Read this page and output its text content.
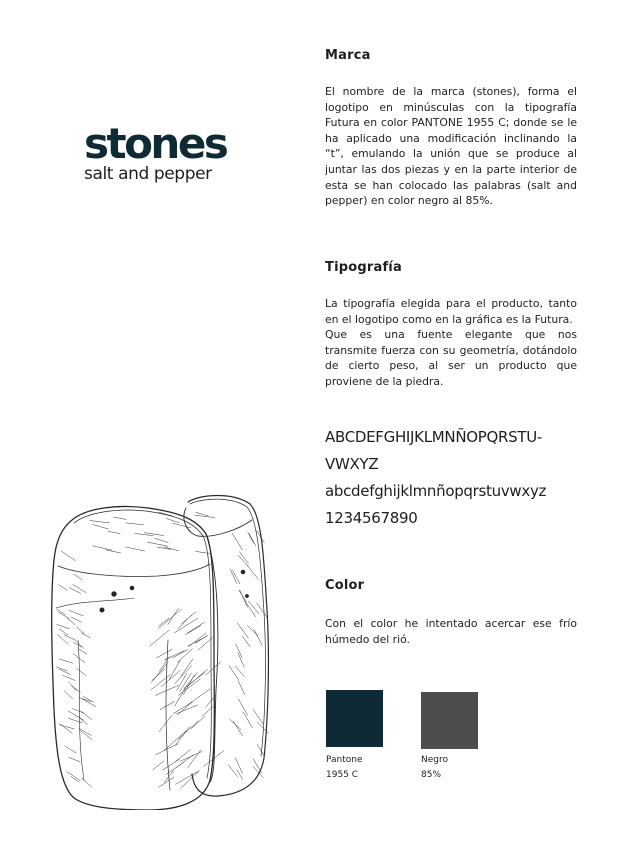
stones
salt and pepper
Marca

El nombre de la marca (stones), forma el logotipo en minúsculas con la tipografía Futura en color PANTONE 1955 C; donde se le ha aplicado una modificación inclinando la “t”, emulando la unión que se produce al juntar las dos piezas y en la parte interior de esta se han colocado las palabras (salt and pepper) en color negro al 85%.

Tipografía

La tipografía elegida para el producto, tanto en el logotipo como en la gráfica es la Futura.

Que es una fuente elegante que nos transmite fuerza con su geometría, dotándolo de cierto peso, al ser un producto que proviene de la piedra.

ABCDEFGHIJKLMNÑOPQRSTU-
VWXYZ
abcdefghijklmnñopqrstuvwxyz
1234567890
Color

Con el color he intentado acercar ese frío húmedo del rió.

Pantone
1955 C
Negro
85%
